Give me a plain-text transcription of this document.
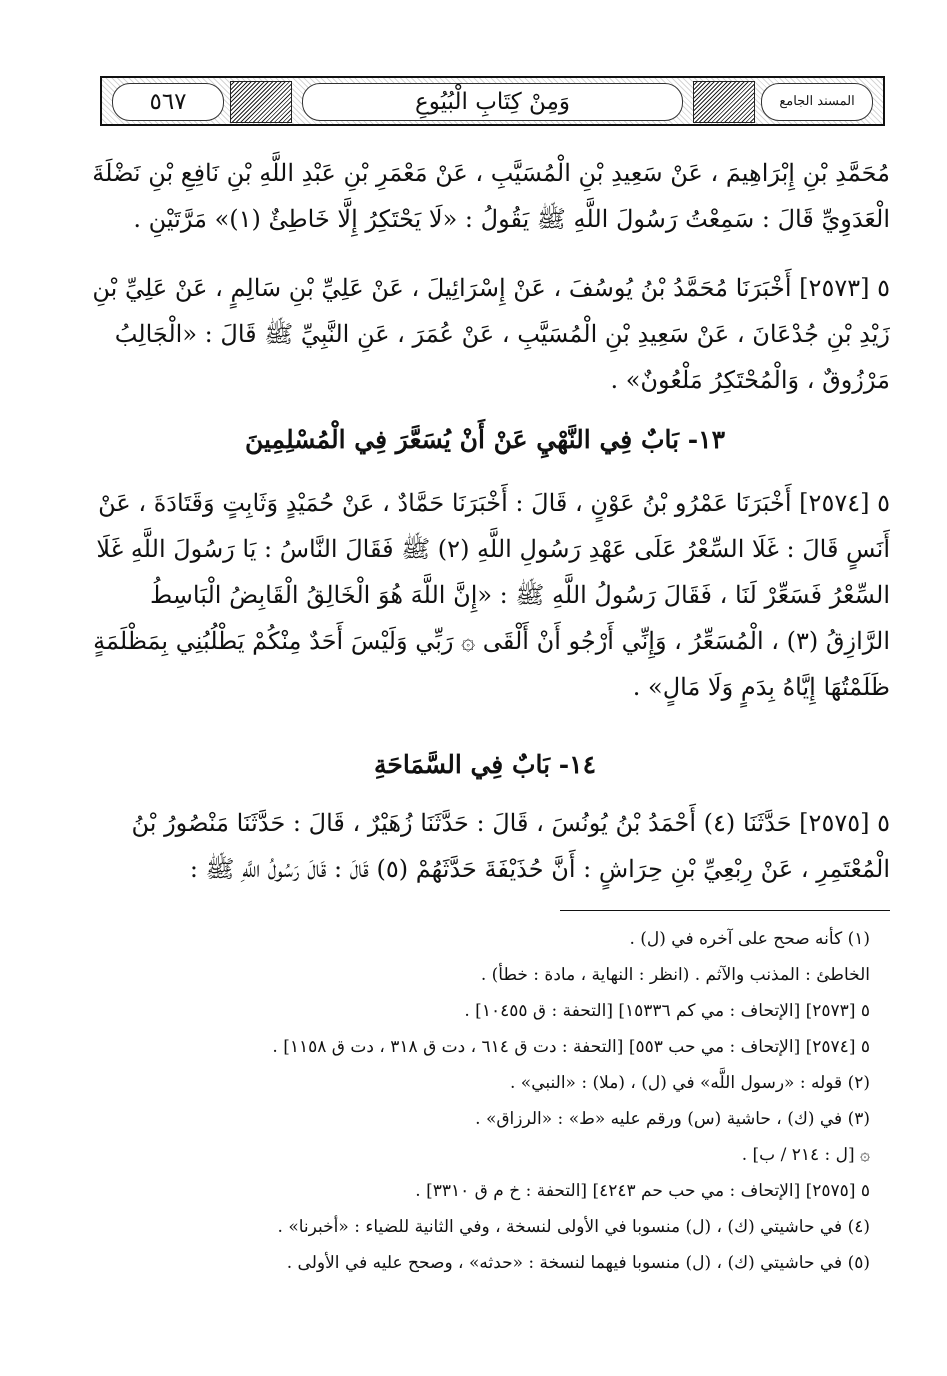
المسند الجامع
وَمِنْ كِتَابِ الْبُيُوعِ
٥٦٧
مُحَمَّدِ بْنِ إِبْرَاهِيمَ ، عَنْ سَعِيدِ بْنِ الْمُسَيَّبِ ، عَنْ مَعْمَرِ بْنِ عَبْدِ اللَّهِ بْنِ نَافِعِ بْنِ نَضْلَةَ
الْعَدَوِيِّ قَالَ : سَمِعْتُ رَسُولَ اللَّهِ ﷺ يَقُولُ : «لَا يَحْتَكِرُ إِلَّا خَاطِئٌ (١)» مَرَّتَيْنِ .
٥ [٢٥٧٣] أَخْبَرَنَا مُحَمَّدُ بْنُ يُوسُفَ ، عَنْ إِسْرَائِيلَ ، عَنْ عَلِيِّ بْنِ سَالِمٍ ، عَنْ عَلِيِّ بْنِ
زَيْدِ بْنِ جُدْعَانَ ، عَنْ سَعِيدِ بْنِ الْمُسَيَّبِ ، عَنْ عُمَرَ ، عَنِ النَّبِيِّ ﷺ قَالَ : «الْجَالِبُ
مَرْزُوقٌ ، وَالْمُحْتَكِرُ مَلْعُونٌ» .
١٣- بَابٌ فِي النَّهْيِ عَنْ أَنْ يُسَعَّرَ فِي الْمُسْلِمِينَ
٥ [٢٥٧٤] أَخْبَرَنَا عَمْرُو بْنُ عَوْنٍ ، قَالَ : أَخْبَرَنَا حَمَّادٌ ، عَنْ حُمَيْدٍ وَثَابِتٍ وَقَتَادَةَ ، عَنْ
أَنَسٍ قَالَ : غَلَا السِّعْرُ عَلَى عَهْدِ رَسُولِ اللَّهِ (٢) ﷺ فَقَالَ النَّاسُ : يَا رَسُولَ اللَّهِ غَلَا
السِّعْرُ فَسَعِّرْ لَنَا ، فَقَالَ رَسُولُ اللَّهِ ﷺ : «إِنَّ اللَّهَ هُوَ الْخَالِقُ الْقَابِضُ الْبَاسِطُ
الرَّازِقُ (٣) ، الْمُسَعِّرُ ، وَإِنِّي أَرْجُو أَنْ أَلْقَى ۞ رَبِّي وَلَيْسَ أَحَدٌ مِنْكُمْ يَطْلُبُنِي بِمَظْلَمَةٍ
ظَلَمْتُهَا إِيَّاهُ بِدَمٍ وَلَا مَالٍ» .
١٤- بَابٌ فِي السَّمَاحَةِ
٥ [٢٥٧٥] حَدَّثَنَا (٤) أَحْمَدُ بْنُ يُونُسَ ، قَالَ : حَدَّثَنَا زُهَيْرٌ ، قَالَ : حَدَّثَنَا مَنْصُورُ بْنُ
الْمُعْتَمِرِ ، عَنْ رِبْعِيِّ بْنِ حِرَاشٍ : أَنَّ حُذَيْفَةَ حَدَّثَهُمْ (٥) قَالَ : قَالَ رَسُولُ اللَّهِ ﷺ :
(١) كأنه صحح على آخره في (ل) .
الخاطئ : المذنب والآثم . (انظر : النهاية ، مادة : خطأ) .
٥ [٢٥٧٣] [الإتحاف : مي كم ١٥٣٣٦] [التحفة : ق ١٠٤٥٥] .
٥ [٢٥٧٤] [الإتحاف : مي حب ٥٥٣] [التحفة : دت ق ٦١٤ ، دت ق ٣١٨ ، دت ق ١١٥٨] .
(٢) قوله : «رسول اللَّه» في (ل) ، (ملا) : «النبي» .
(٣) في (ك) ، حاشية (س) ورقم عليه «ط» : «الرزاق» .
۞ [ل : ٢١٤ / ب] .
٥ [٢٥٧٥] [الإتحاف : مي حب حم ٤٢٤٣] [التحفة : خ م ق ٣٣١٠] .
(٤) في حاشيتي (ك) ، (ل) منسوبا في الأولى لنسخة ، وفي الثانية للضياء : «أخبرنا» .
(٥) في حاشيتي (ك) ، (ل) منسوبا فيهما لنسخة : «حدثه» ، وصحح عليه في الأولى .
